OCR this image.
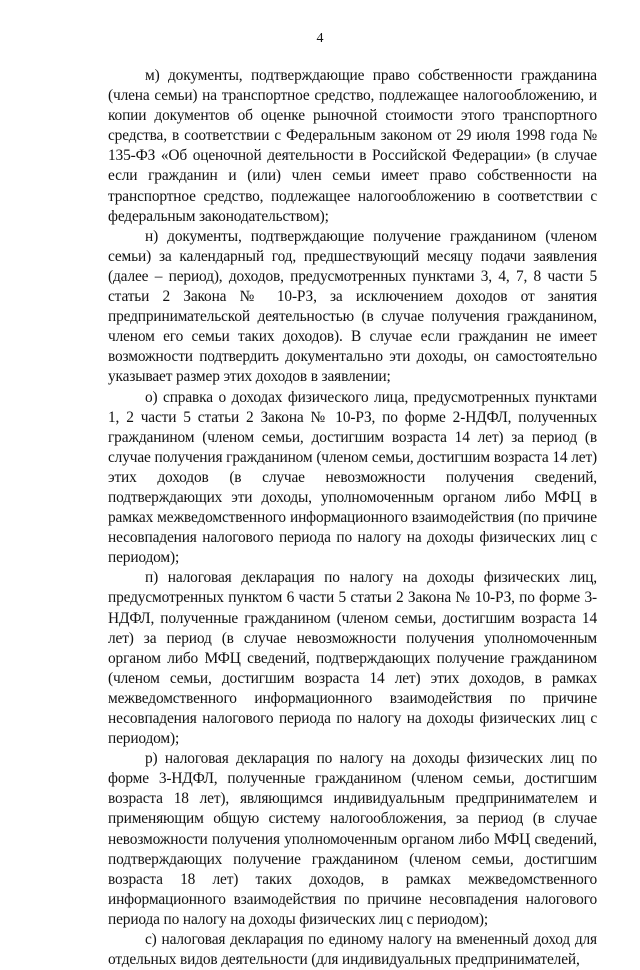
4

м) документы, подтверждающие право собственности гражданина (члена семьи) на транспортное средство, подлежащее налогообложению, и копии документов об оценке рыночной стоимости этого транспортного средства, в соответствии с Федеральным законом от 29 июля 1998 года № 135-ФЗ «Об оценочной деятельности в Российской Федерации» (в случае если гражданин и (или) член семьи имеет право собственности на транспортное средство, подлежащее налогообложению в соответствии с федеральным законодательством);

н) документы, подтверждающие получение гражданином (членом семьи) за календарный год, предшествующий месяцу подачи заявления (далее – период), доходов, предусмотренных пунктами 3, 4, 7, 8 части 5 статьи 2 Закона № 10-РЗ, за исключением доходов от занятия предпринимательской деятельностью (в случае получения гражданином, членом его семьи таких доходов). В случае если гражданин не имеет возможности подтвердить документально эти доходы, он самостоятельно указывает размер этих доходов в заявлении;

о) справка о доходах физического лица, предусмотренных пунктами 1, 2 части 5 статьи 2 Закона № 10-РЗ, по форме 2-НДФЛ, полученных гражданином (членом семьи, достигшим возраста 14 лет) за период (в случае получения гражданином (членом семьи, достигшим возраста 14 лет) этих доходов (в случае невозможности получения сведений, подтверждающих эти доходы, уполномоченным органом либо МФЦ в рамках межведомственного информационного взаимодействия (по причине несовпадения налогового периода по налогу на доходы физических лиц с периодом);

п) налоговая декларация по налогу на доходы физических лиц, предусмотренных пунктом 6 части 5 статьи 2 Закона № 10-РЗ, по форме 3-НДФЛ, полученные гражданином (членом семьи, достигшим возраста 14 лет) за период (в случае невозможности получения уполномоченным органом либо МФЦ сведений, подтверждающих получение гражданином (членом семьи, достигшим возраста 14 лет) этих доходов, в рамках межведомственного информационного взаимодействия по причине несовпадения налогового периода по налогу на доходы физических лиц с периодом);

р) налоговая декларация по налогу на доходы физических лиц по форме 3-НДФЛ, полученные гражданином (членом семьи, достигшим возраста 18 лет), являющимся индивидуальным предпринимателем и применяющим общую систему налогообложения, за период (в случае невозможности получения уполномоченным органом либо МФЦ сведений, подтверждающих получение гражданином (членом семьи, достигшим возраста 18 лет) таких доходов, в рамках межведомственного информационного взаимодействия по причине несовпадения налогового периода по налогу на доходы физических лиц с периодом);

с) налоговая декларация по единому налогу на вмененный доход для отдельных видов деятельности (для индивидуальных предпринимателей,
